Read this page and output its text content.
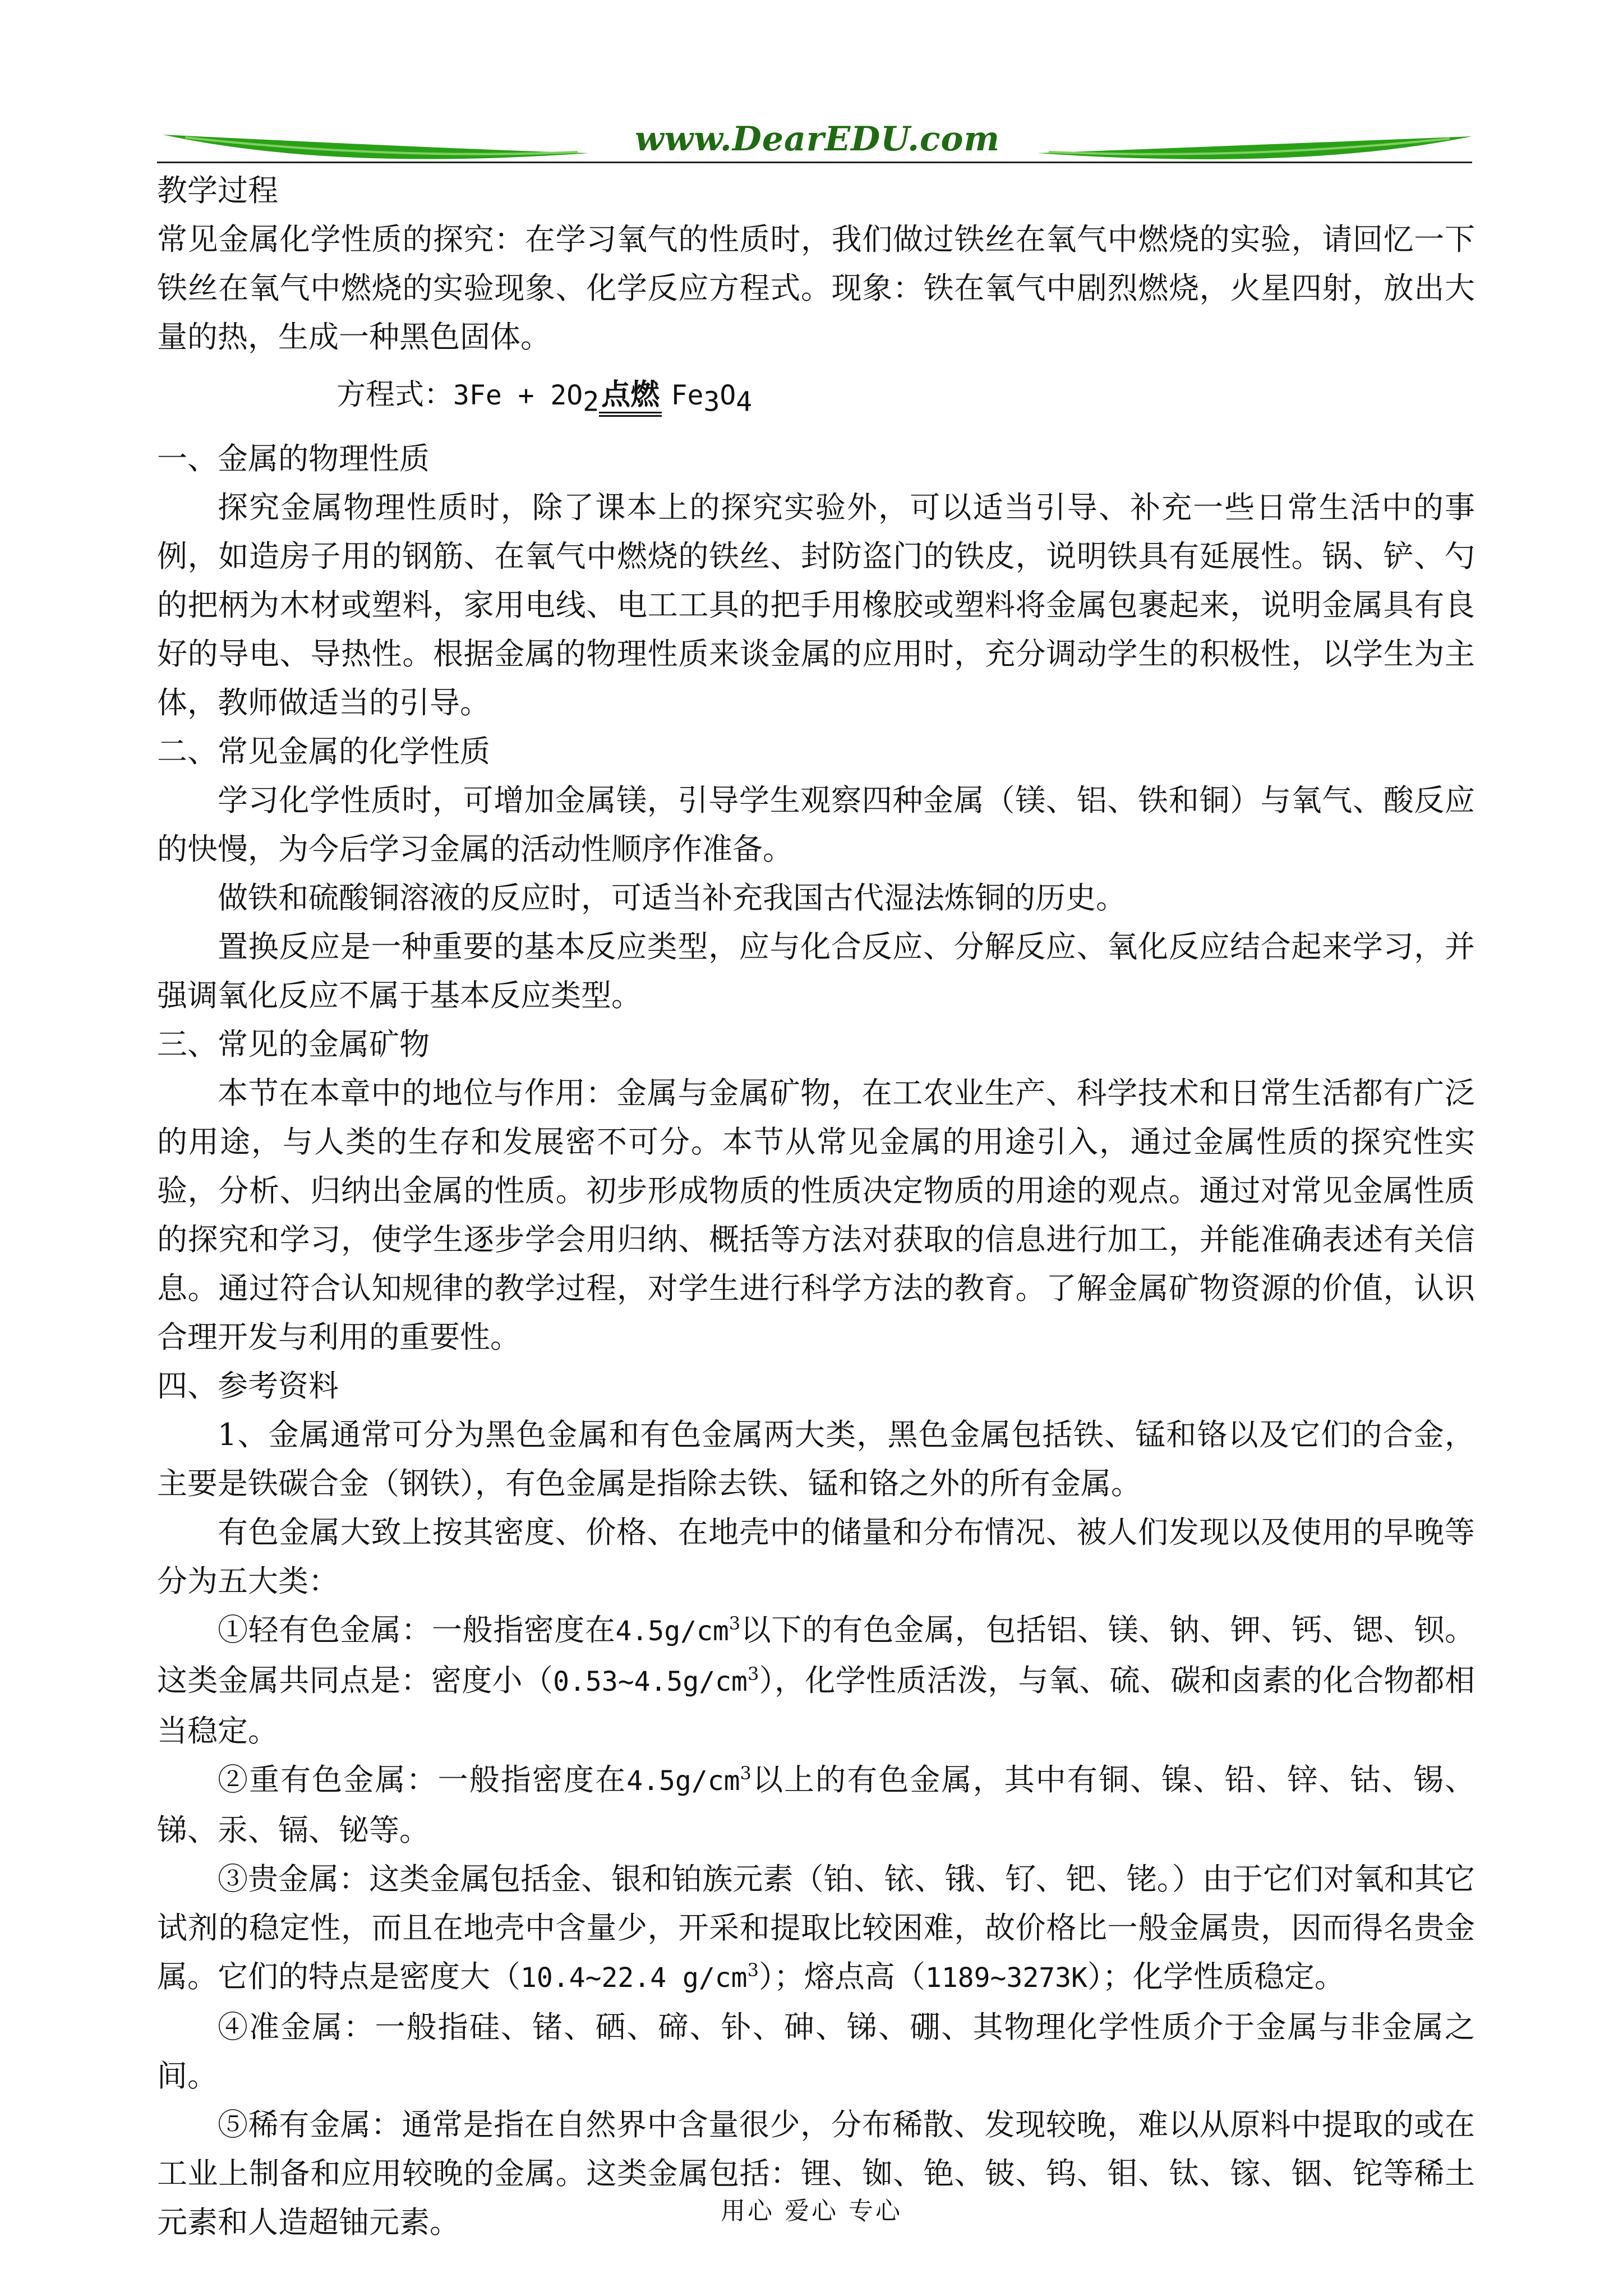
www.DearEDU.com

教学过程

常见金属化学性质的探究：在学习氧气的性质时，我们做过铁丝在氧气中燃烧的实验，请回忆一下铁丝在氧气中燃烧的实验现象、化学反应方程式。现象：铁在氧气中剧烈燃烧，火星四射，放出大量的热，生成一种黑色固体。

方程式：$3Fe + 2O_2$点燃 $Fe_3O_4$

一、金属的物理性质

探究金属物理性质时，除了课本上的探究实验外，可以适当引导、补充一些日常生活中的事例，如造房子用的钢筋、在氧气中燃烧的铁丝、封防盗门的铁皮，说明铁具有延展性。锅、铲、勺的把柄为木材或塑料，家用电线、电工工具的把手用橡胶或塑料将金属包裹起来，说明金属具有良好的导电、导热性。根据金属的物理性质来谈金属的应用时，充分调动学生的积极性，以学生为主体，教师做适当的引导。

二、常见金属的化学性质

学习化学性质时，可增加金属镁，引导学生观察四种金属（镁、铝、铁和铜）与氧气、酸反应的快慢，为今后学习金属的活动性顺序作准备。

做铁和硫酸铜溶液的反应时，可适当补充我国古代湿法炼铜的历史。

置换反应是一种重要的基本反应类型，应与化合反应、分解反应、氧化反应结合起来学习，并强调氧化反应不属于基本反应类型。

三、常见的金属矿物

本节在本章中的地位与作用：金属与金属矿物，在工农业生产、科学技术和日常生活都有广泛的用途，与人类的生存和发展密不可分。本节从常见金属的用途引入，通过金属性质的探究性实验，分析、归纳出金属的性质。初步形成物质的性质决定物质的用途的观点。通过对常见金属性质的探究和学习，使学生逐步学会用归纳、概括等方法对获取的信息进行加工，并能准确表述有关信息。通过符合认知规律的教学过程，对学生进行科学方法的教育。了解金属矿物资源的价值，认识合理开发与利用的重要性。

四、参考资料

1、金属通常可分为黑色金属和有色金属两大类，黑色金属包括铁、锰和铬以及它们的合金，主要是铁碳合金（钢铁），有色金属是指除去铁、锰和铬之外的所有金属。

有色金属大致上按其密度、价格、在地壳中的储量和分布情况、被人们发现以及使用的早晚等分为五大类：

①轻有色金属：一般指密度在$4.5g/cm^3$以下的有色金属，包括铝、镁、钠、钾、钙、锶、钡。这类金属共同点是：密度小$(0.53\sim 4.5g/cm^3)$，化学性质活泼，与氧、硫、碳和卤素的化合物都相当稳定。

②重有色金属：一般指密度在$4.5g/cm^3$以上的有色金属，其中有铜、镍、铅、锌、钴、锡、锑、汞、镉、铋等。

③贵金属：这类金属包括金、银和铂族元素（铂、铱、锇、钌、钯、铑。）由于它们对氧和其它试剂的稳定性，而且在地壳中含量少，开采和提取比较困难，故价格比一般金属贵，因而得名贵金属。它们的特点是密度大（10.4~22.4 $g/cm^3$）；熔点高（1189~3273K）；化学性质稳定。

④准金属：一般指硅、锗、硒、碲、钋、砷、锑、硼、其物理化学性质介于金属与非金属之间。

⑤稀有金属：通常是指在自然界中含量很少，分布稀散、发现较晚，难以从原料中提取的或在工业上制备和应用较晚的金属。这类金属包括：锂、铷、铯、铍、钨、钼、钛、镓、铟、铊等稀土元素和人造超铀元素。	用心 爱心 专心
